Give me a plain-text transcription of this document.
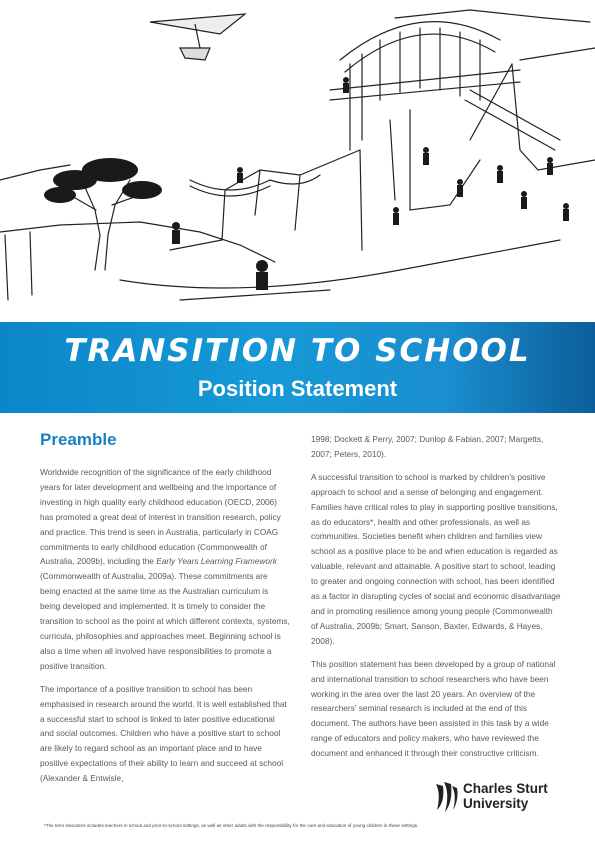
TRANSITION TO SCHOOL
Position Statement
Preamble

Worldwide recognition of the significance of the early childhood years for later development and wellbeing and the importance of investing in high quality early childhood education (OECD, 2006) has promoted a great deal of interest in transition research, policy and practice. This trend is seen in Australia, particularly in COAG commitments to early childhood education (Commonwealth of Australia, 2009b), including the Early Years Learning Framework (Commonwealth of Australia, 2009a). These commitments are being enacted at the same time as the Australian curriculum is being developed and implemented. It is timely to consider the transition to school as the point at which different contexts, systems, curricula, philosophies and approaches meet. Beginning school is also a time when all involved have responsibilities to promote a positive transition.

The importance of a positive transition to school has been emphasised in research around the world. It is well established that a successful start to school is linked to later positive educational and social outcomes. Children who have a positive start to school are likely to regard school as an important place and to have positive expectations of their ability to learn and succeed at school (Alexander & Entwisle,

1998; Dockett & Perry, 2007; Dunlop & Fabian, 2007; Margetts, 2007; Peters, 2010).

A successful transition to school is marked by children's positive approach to school and a sense of belonging and engagement. Families have critical roles to play in supporting positive transitions, as do educators*, health and other professionals, as well as communities. Societies benefit when children and families view school as a positive place to be and when education is regarded as valuable, relevant and attainable. A positive start to school, leading to greater and ongoing connection with school, has been identified as a factor in disrupting cycles of social and economic disadvantage and in promoting resilience among young people (Commonwealth of Australia, 2009b; Smart, Sanson, Baxter, Edwards, & Hayes, 2008).

This position statement has been developed by a group of national and international transition to school researchers who have been working in the area over the last 20 years. An overview of the researchers' seminal research is included at the end of this document. The authors have been assisted in this task by a wide range of educators and policy makers, who have reviewed the document and enhanced it through their constructive criticism.

Charles Sturt
University
*The term educators includes teachers in school and prior-to-school settings, as well as other adults with the responsibility for the care and education of young children in these settings.
